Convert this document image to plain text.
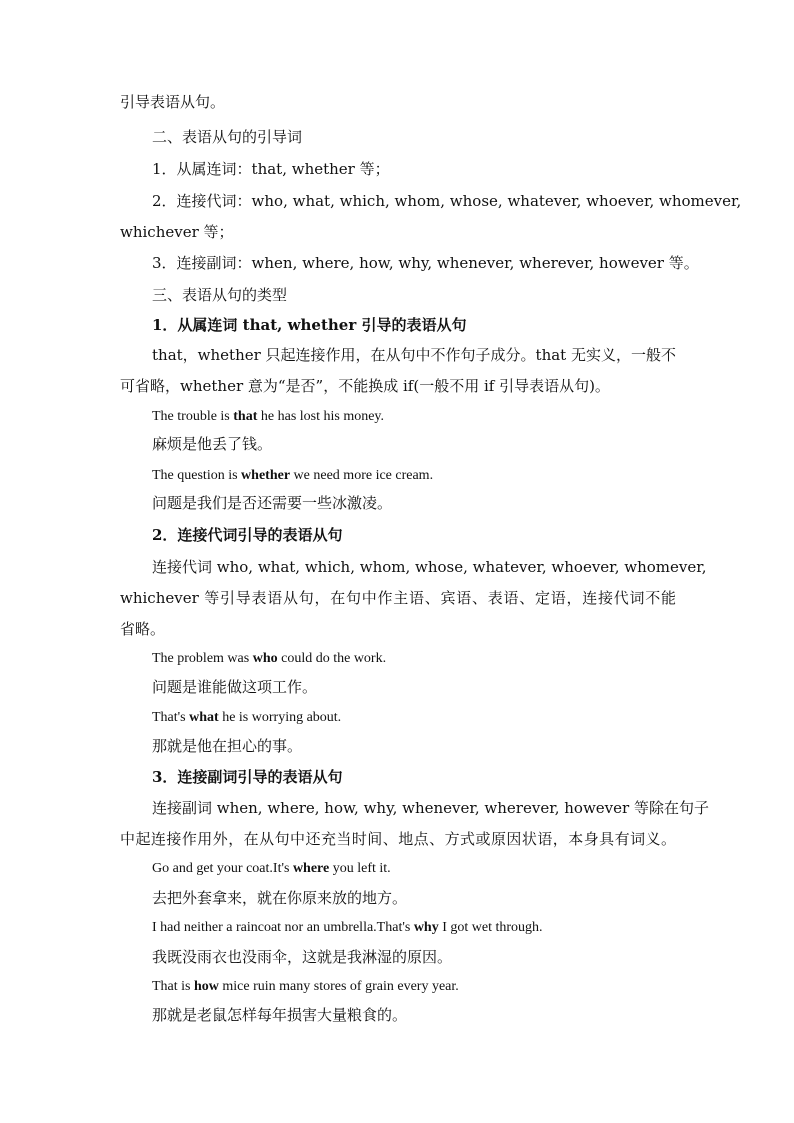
引导表语从句。
二、表语从句的引导词
1．从属连词：that, whether 等；
2．连接代词：who, what, which, whom, whose, whatever, whoever, whomever,
whichever 等；
3．连接副词：when, where, how, why, whenever, wherever, however 等。
三、表语从句的类型
1．从属连词 that, whether 引导的表语从句
that，whether 只起连接作用，在从句中不作句子成分。that 无实义，一般不
可省略，whether 意为“是否”，不能换成 if(一般不用 if 引导表语从句)。
The trouble is that he has lost his money.
麻烦是他丢了钱。
The question is whether we need more ice cream.
问题是我们是否还需要一些冰激凌。
2．连接代词引导的表语从句
连接代词 who, what, which, whom, whose, whatever, whoever, whomever,
whichever 等引导表语从句，在句中作主语、宾语、表语、定语，连接代词不能
省略。
The problem was who could do the work.
问题是谁能做这项工作。
That's what he is worrying about.
那就是他在担心的事。
3．连接副词引导的表语从句
连接副词 when, where, how, why, whenever, wherever, however 等除在句子
中起连接作用外，在从句中还充当时间、地点、方式或原因状语，本身具有词义。
Go and get your coat.It's where you left it.
去把外套拿来，就在你原来放的地方。
I had neither a raincoat nor an umbrella.That's why I got wet through.
我既没雨衣也没雨伞，这就是我淋湿的原因。
That is how mice ruin many stores of grain every year.
那就是老鼠怎样每年损害大量粮食的。
